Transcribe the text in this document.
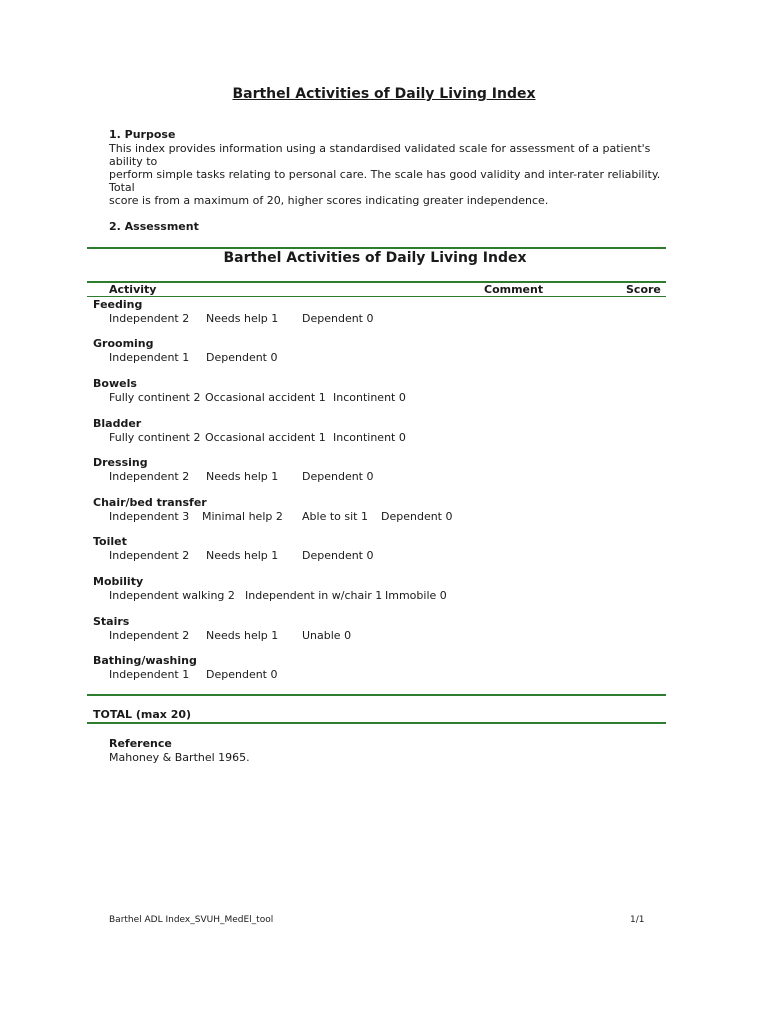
Barthel Activities of Daily Living Index
1. Purpose
This index provides information using a standardised validated scale for assessment of a patient's ability to
perform simple tasks relating to personal care. The scale has good validity and inter-rater reliability. Total
score is from a maximum of 20, higher scores indicating greater independence.
2. Assessment
Barthel Activities of Daily Living Index
Activity	Comment	Score
Feeding
Independent 2 Needs help 1 Dependent 0
Grooming
Independent 1 Dependent 0
Bowels
Fully continent 2 Occasional accident 1 Incontinent 0
Bladder
Fully continent 2 Occasional accident 1 Incontinent 0
Dressing
Independent 2 Needs help 1 Dependent 0
Chair/bed transfer
Independent 3 Minimal help 2 Able to sit 1 Dependent 0
Toilet
Independent 2 Needs help 1 Dependent 0
Mobility
Independent walking 2 Independent in w/chair 1 Immobile 0
Stairs
Independent 2 Needs help 1 Unable 0
Bathing/washing
Independent 1 Dependent 0
TOTAL (max 20)
Reference
Mahoney & Barthel 1965.
Barthel ADL Index_SVUH_MedEl_tool	1/1
